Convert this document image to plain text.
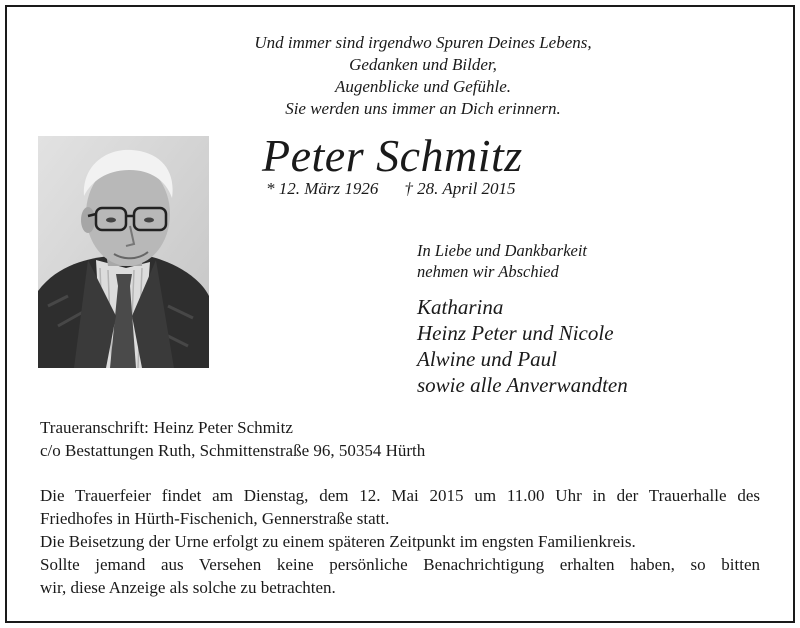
Und immer sind irgendwo Spuren Deines Lebens,
Gedanken und Bilder,
Augenblicke und Gefühle.
Sie werden uns immer an Dich erinnern.
Peter Schmitz
* 12. März 1926 † 28. April 2015
In Liebe und Dankbarkeit
nehmen wir Abschied
Katharina
Heinz Peter und Nicole
Alwine und Paul
sowie alle Anverwandten
Traueranschrift: Heinz Peter Schmitz
c/o Bestattungen Ruth, Schmittenstraße 96, 50354 Hürth
Die Trauerfeier findet am Dienstag, dem 12. Mai 2015 um 11.00 Uhr in der Trauerhalle des
Friedhofes in Hürth-Fischenich, Gennerstraße statt.
Die Beisetzung der Urne erfolgt zu einem späteren Zeitpunkt im engsten Familienkreis.
Sollte jemand aus Versehen keine persönliche Benachrichtigung erhalten haben, so bitten
wir, diese Anzeige als solche zu betrachten.
